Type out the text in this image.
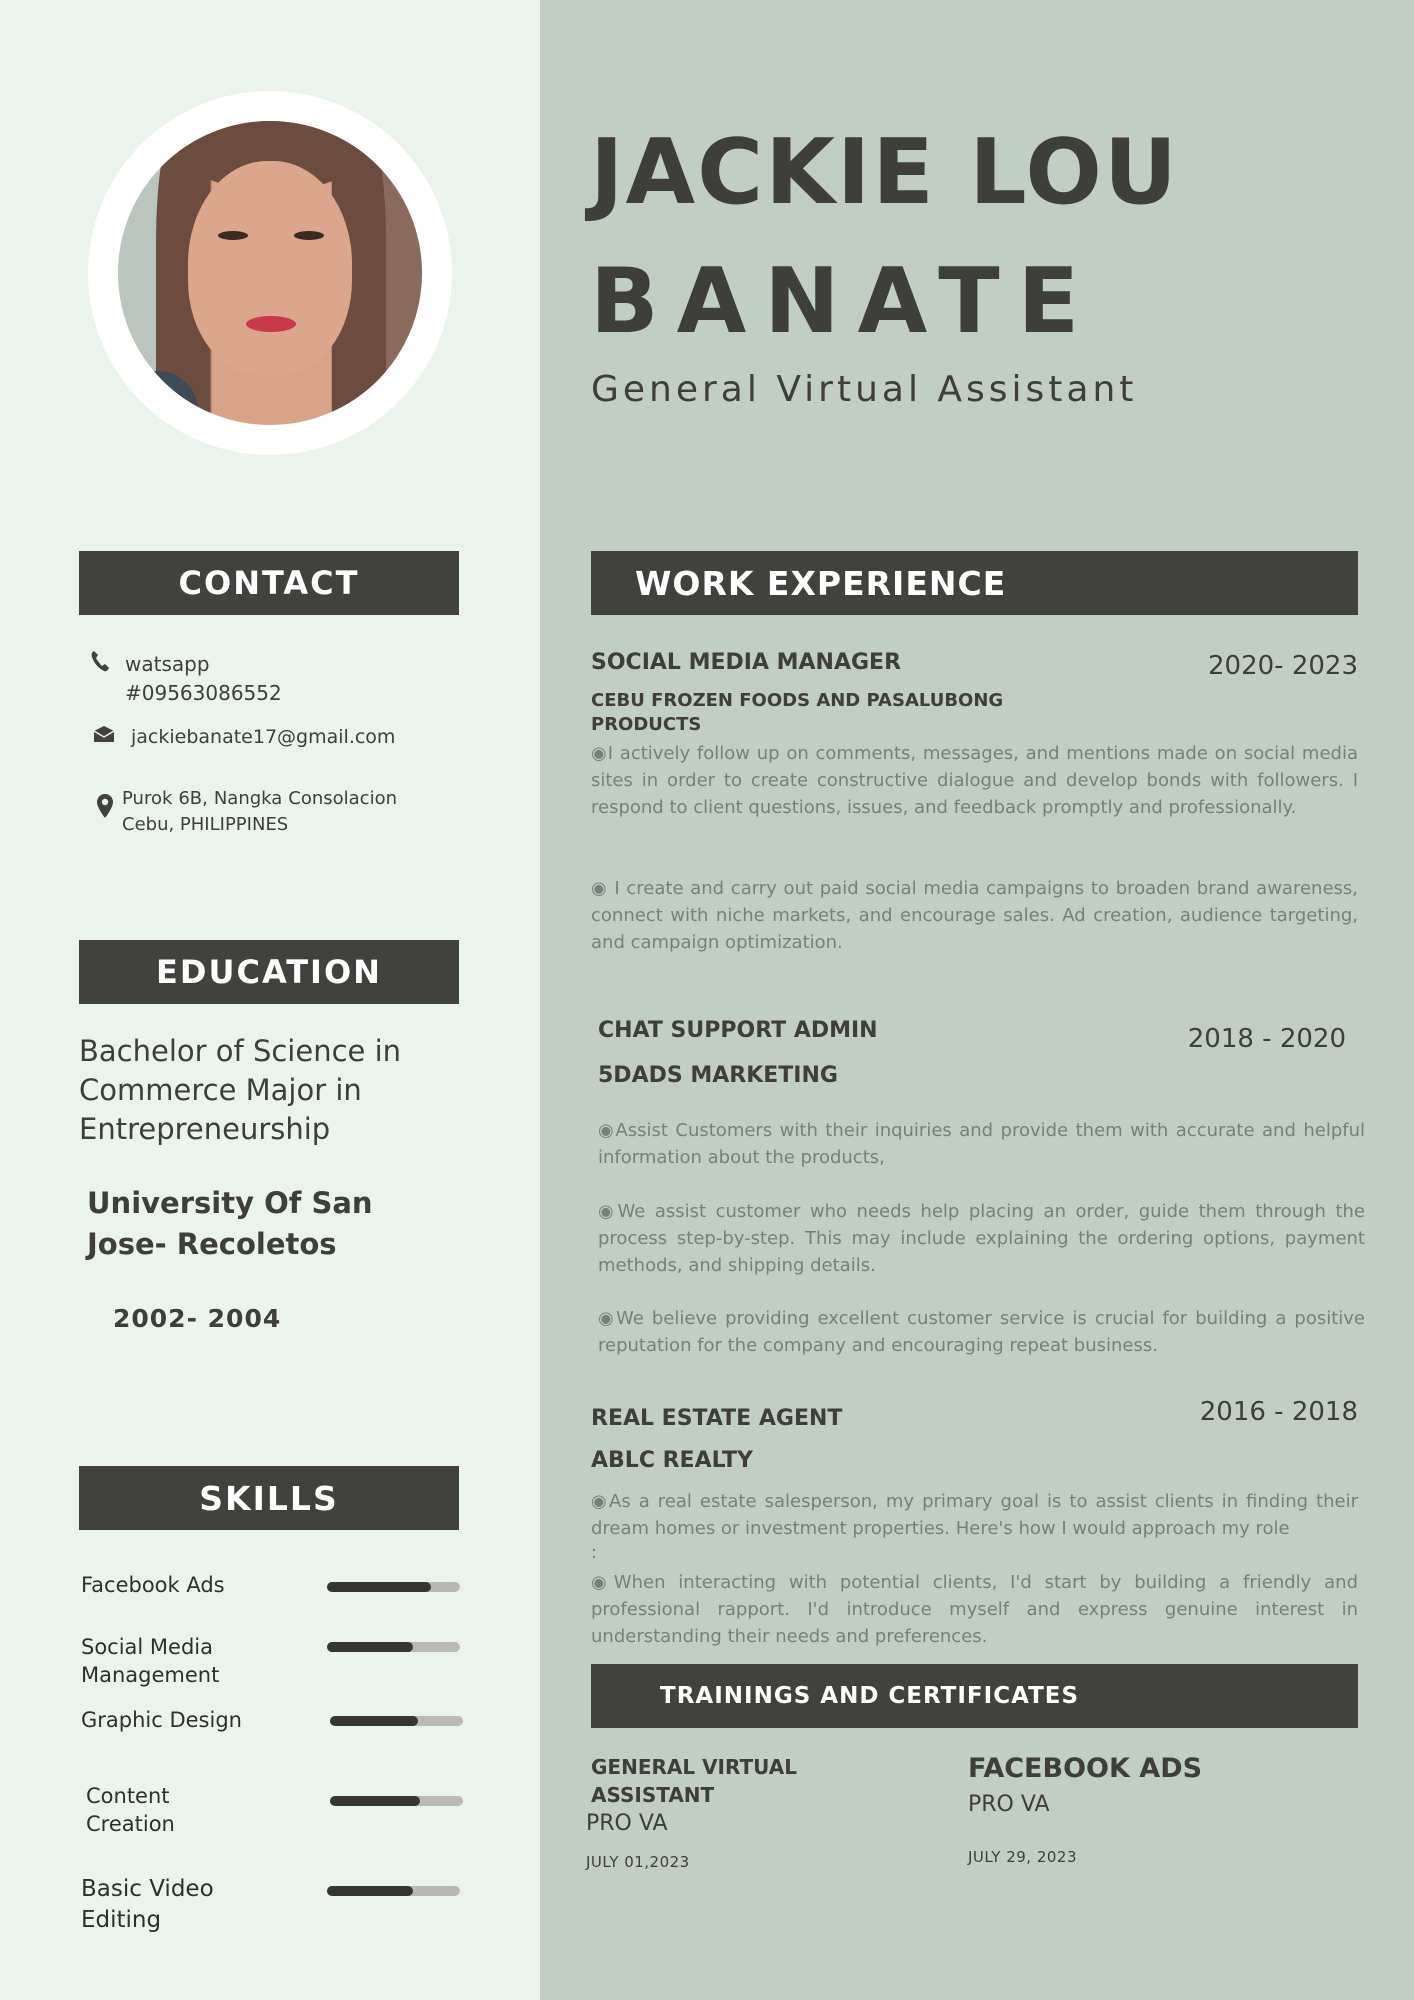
JACKIE LOU
BANATE
General Virtual Assistant
CONTACT
watsapp
#09563086552
jackiebanate17@gmail.com
Purok 6B, Nangka Consolacion Cebu, PHILIPPINES
EDUCATION
Bachelor of Science in Commerce Major in Entrepreneurship
University Of San Jose- Recoletos
2002- 2004
SKILLS
Facebook Ads
Social Media Management
Graphic Design
Content Creation
Basic Video Editing
WORK EXPERIENCE
SOCIAL MEDIA MANAGER	2020- 2023
CEBU FROZEN FOODS AND PASALUBONG PRODUCTS
◉I actively follow up on comments, messages, and mentions made on social media sites in order to create constructive dialogue and develop bonds with followers. I respond to client questions, issues, and feedback promptly and professionally.
◉ I create and carry out paid social media campaigns to broaden brand awareness, connect with niche markets, and encourage sales. Ad creation, audience targeting, and campaign optimization.
CHAT SUPPORT ADMIN	2018 - 2020
5DADS MARKETING
◉Assist Customers with their inquiries and provide them with accurate and helpful information about the products,
◉We assist customer who needs help placing an order, guide them through the process step-by-step. This may include explaining the ordering options, payment methods, and shipping details.
◉We believe providing excellent customer service is crucial for building a positive reputation for the company and encouraging repeat business.
REAL ESTATE AGENT	2016 - 2018
ABLC REALTY
◉As a real estate salesperson, my primary goal is to assist clients in finding their dream homes or investment properties. Here's how I would approach my role
:
◉When interacting with potential clients, I'd start by building a friendly and professional rapport. I'd introduce myself and express genuine interest in understanding their needs and preferences.
TRAININGS AND CERTIFICATES
GENERAL VIRTUAL ASSISTANT
PRO VA
JULY 01,2023
FACEBOOK ADS
PRO VA
JULY 29, 2023
